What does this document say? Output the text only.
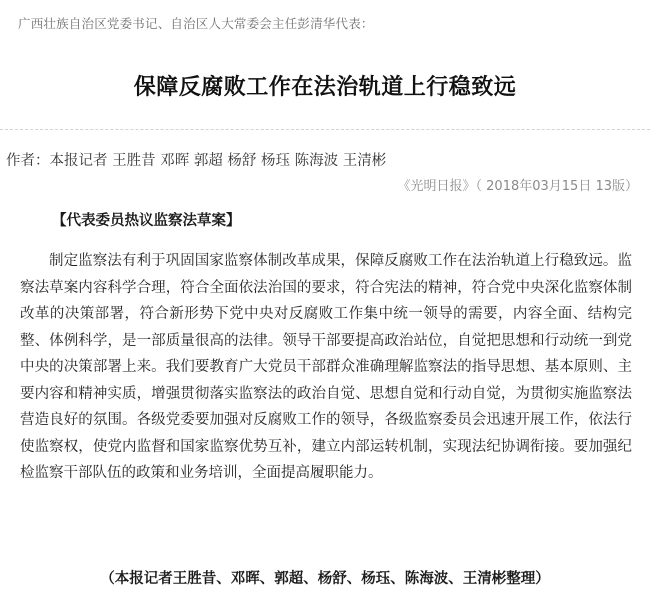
广西壮族自治区党委书记、自治区人大常委会主任彭清华代表：
保障反腐败工作在法治轨道上行稳致远
作者：本报记者 王胜昔 邓晖 郭超 杨舒 杨珏 陈海波 王清彬
《光明日报》（ 2018年03月15日 13版）
【代表委员热议监察法草案】

制定监察法有利于巩固国家监察体制改革成果，保障反腐败工作在法治轨道上行稳致远。监察法草案内容科学合理，符合全面依法治国的要求，符合宪法的精神，符合党中央深化监察体制改革的决策部署，符合新形势下党中央对反腐败工作集中统一领导的需要，内容全面、结构完整、体例科学，是一部质量很高的法律。领导干部要提高政治站位，自觉把思想和行动统一到党中央的决策部署上来。我们要教育广大党员干部群众准确理解监察法的指导思想、基本原则、主要内容和精神实质，增强贯彻落实监察法的政治自觉、思想自觉和行动自觉，为贯彻实施监察法营造良好的氛围。各级党委要加强对反腐败工作的领导，各级监察委员会迅速开展工作，依法行使监察权，使党内监督和国家监察优势互补，建立内部运转机制，实现法纪协调衔接。要加强纪检监察干部队伍的政策和业务培训，全面提高履职能力。

（本报记者王胜昔、邓晖、郭超、杨舒、杨珏、陈海波、王清彬整理）
